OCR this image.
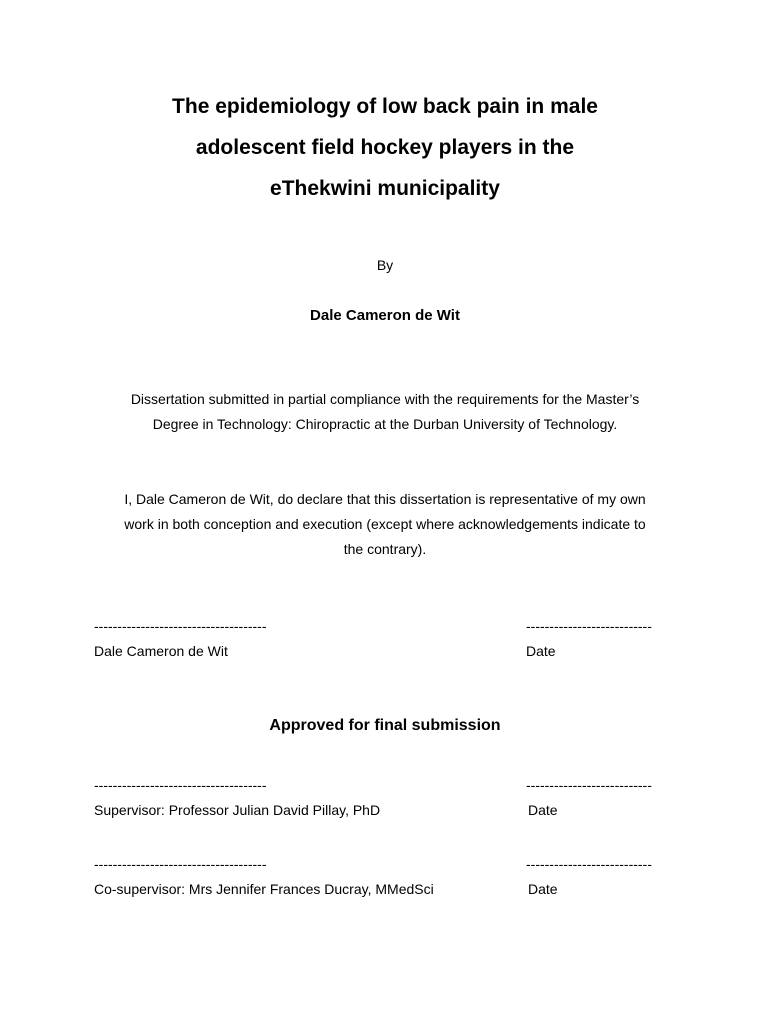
The epidemiology of low back pain in male
adolescent field hockey players in the
eThekwini municipality
By
Dale Cameron de Wit
Dissertation submitted in partial compliance with the requirements for the Master’s
Degree in Technology: Chiropractic at the Durban University of Technology.
I, Dale Cameron de Wit, do declare that this dissertation is representative of my own
work in both conception and execution (except where acknowledgements indicate to
the contrary).
-------------------------------------	---------------------------
Dale Cameron de Wit	Date
Approved for final submission
-------------------------------------	---------------------------
Supervisor: Professor Julian David Pillay, PhD	Date
-------------------------------------	---------------------------
Co-supervisor: Mrs Jennifer Frances Ducray, MMedSci	Date
